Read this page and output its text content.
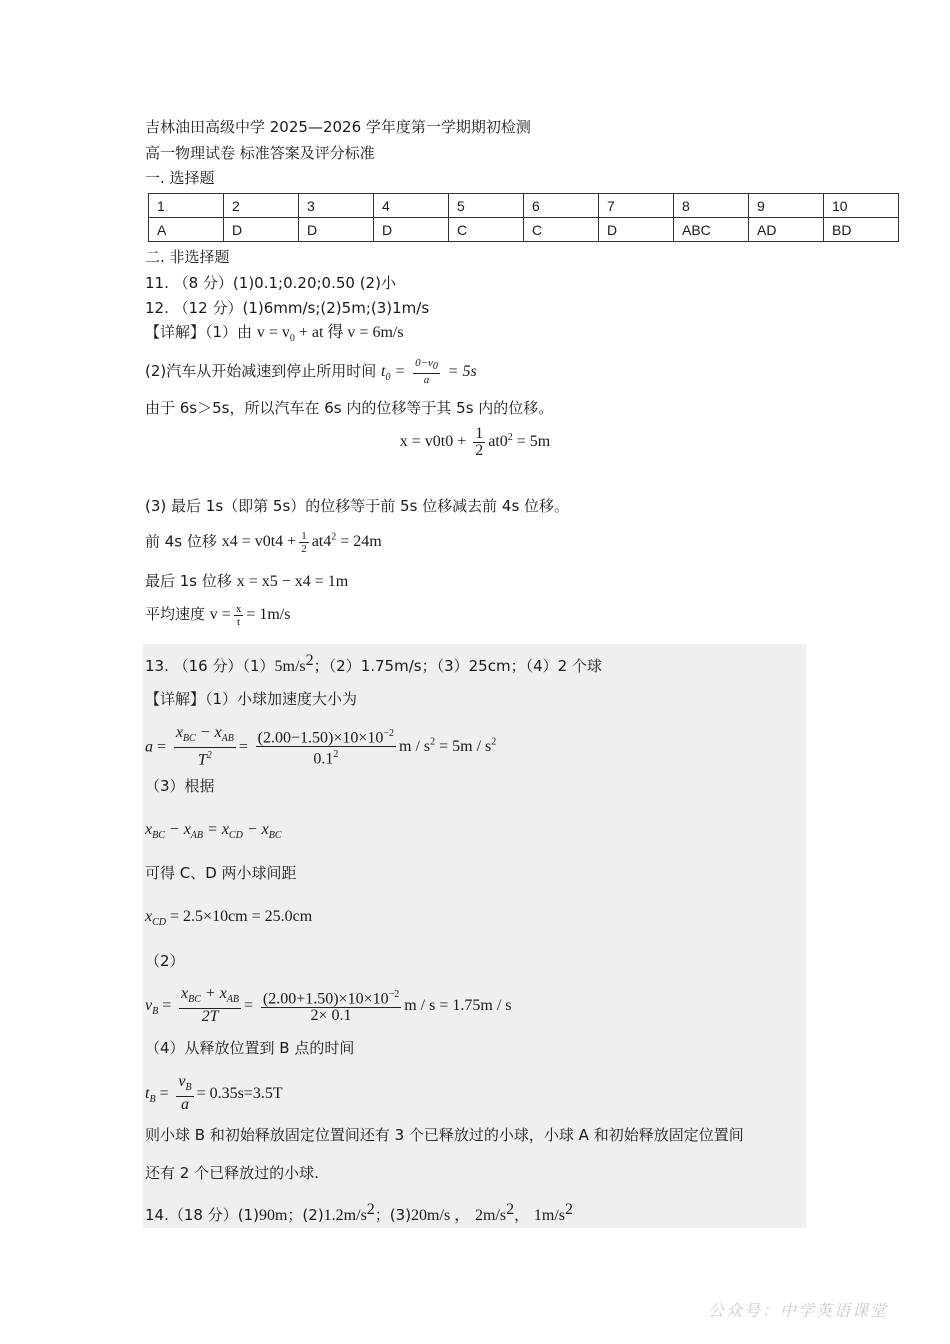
吉林油田高级中学 2025—2026 学年度第一学期期初检测
高一物理试卷 标准答案及评分标准
一. 选择题
1	2	3	4	5	6	7	8	9	10
A	D	D	D	C	C	D	ABC	AD	BD
二. 非选择题
11. （8 分）(1)0.1;0.20;0.50 (2)小
12. （12 分）(1)6mm/s;(2)5m;(3)1m/s
【详解】（1）由 $v = v_0$ + at 得 v = 6m/s
(2)汽车从开始减速到停止所用时间 $t_0 = \frac{0-v_0}{a} = 5s$
由于 6s＞5s，所以汽车在 6s 内的位移等于其 5s 内的位移。
$x = v0t0 + \frac{1}{2} at0^2 = 5m$
(3) 最后 1s（即第 5s）的位移等于前 5s 位移减去前 4s 位移。
前 4s 位移 $x4 = v0t4 + \frac{1}{2} at4^2 = 24m$
最后 1s 位移 x = x5 − x4 = 1m
平均速度 $v = \frac{x}{t} = 1m/s$
13. （16 分）$(1)5m/s^2$；（2）1.75m/s；（3）25cm；（4）2 个球
【详解】（1）小球加速度大小为
$a = \frac{x_{BC} - x_{AB}}{T^2} = \frac{(2.00-1.50)\times 10\times 10^{-2}}{0.1^2}$ $m / s^2 = 5m / s^2$
（3）根据
$x_{BC} - x_{AB} = x_{CD} - x_{BC}$
可得 C、D 两小球间距
$x_{CD} = 2.5\times 10cm = 25.0cm$
（2）
$v_B = \frac{x_{BC} + x_{AB}}{2T} = \frac{(2.00+1.50)\times 10\times 10^{-2}}{2\times 0.1}$ m / s = 1.75m / s
（4）从释放位置到 B 点的时间
$t_B = \frac{v_B}{a} = 0.35s=3.5T$
则小球 B 和初始释放固定位置间还有 3 个已释放过的小球，小球 A 和初始释放固定位置间
还有 2 个已释放过的小球.
14.（18 分）(1)90m；$(2)1.2m/s^2$；(3)20m/s ， $2m/s^2$， $1m/s^2$
公众号：中学英语课堂
